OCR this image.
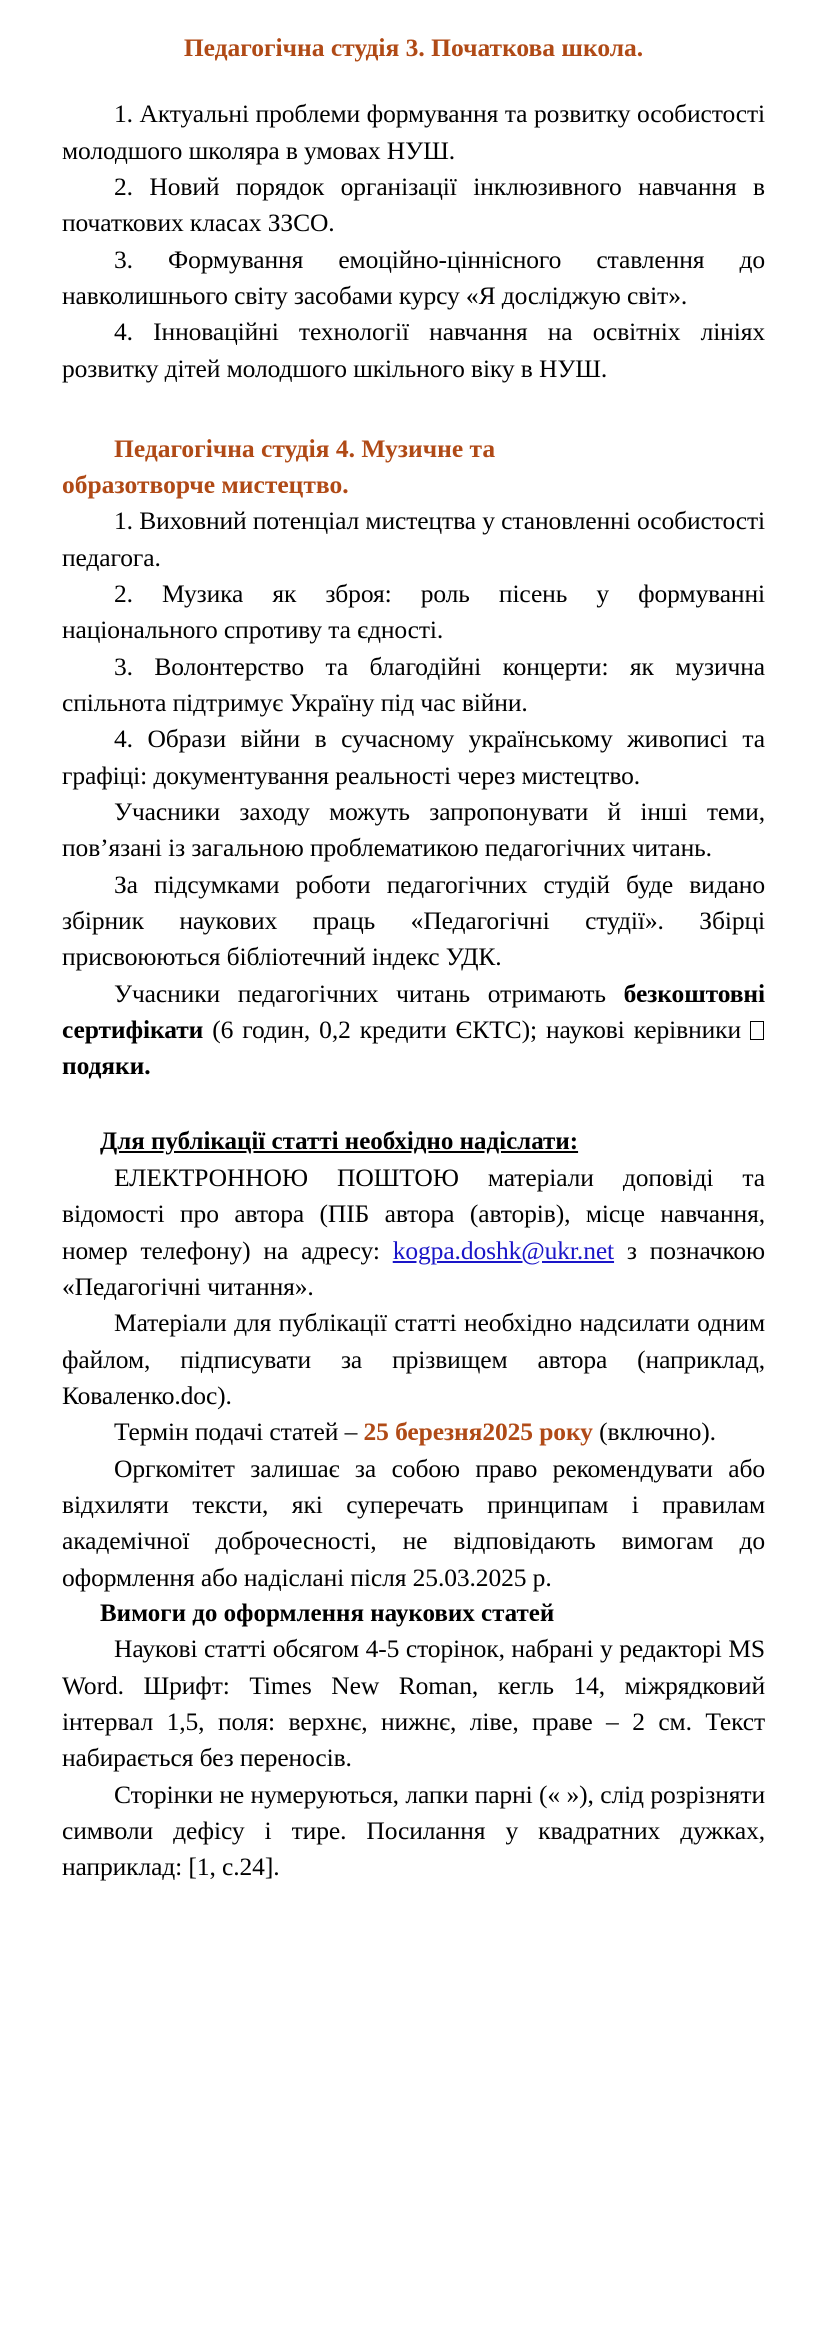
Педагогічна студія 3. Початкова школа.

1. Актуальні проблеми формування та розвитку особистості молодшого школяра в умовах НУШ.

2. Новий порядок організації інклюзивного навчання в початкових класах ЗЗСО.

3. Формування емоційно-ціннісного ставлення до навколишнього світу засобами курсу «Я досліджую світ».

4. Інноваційні технології навчання на освітніх лініях розвитку дітей молодшого шкільного віку в НУШ.

Педагогічна студія 4. Музичне та
образотворче мистецтво.

1. Виховний потенціал мистецтва у становленні особистості педагога.

2. Музика як зброя: роль пісень у формуванні національного спротиву та єдності.

3. Волонтерство та благодійні концерти: як музична спільнота підтримує Україну під час війни.

4. Образи війни в сучасному українському живописі та графіці: документування реальності через мистецтво.

Учасники заходу можуть запропонувати й інші теми, пов’язані із загальною проблематикою педагогічних читань.

За підсумками роботи педагогічних студій буде видано збірник наукових праць «Педагогічні студії». Збірці присвоюються бібліотечний індекс УДК.

Учасники педагогічних читань отримають безкоштовні сертифікати (6 годин, 0,2 кредити ЄКТС); наукові керівники подяки.

Для публікації статті необхідно надіслати:

ЕЛЕКТРОННОЮ ПОШТОЮ матеріали доповіді та відомості про автора (ПІБ автора (авторів), місце навчання, номер телефону) на адресу: kogpa.doshk@ukr.net з позначкою «Педагогічні читання».

Матеріали для публікації статті необхідно надсилати одним файлом, підписувати за прізвищем автора (наприклад, Коваленко.doc).

Термін подачі статей – 25 березня2025 року (включно).

Оргкомітет залишає за собою право рекомендувати або відхиляти тексти, які суперечать принципам і правилам академічної доброчесності, не відповідають вимогам до оформлення або надіслані після 25.03.2025 р.

Вимоги до оформлення наукових статей

Наукові статті обсягом 4-5 сторінок, набрані у редакторі MS Word. Шрифт: Times New Roman, кегль 14, міжрядковий інтервал 1,5, поля: верхнє, нижнє, ліве, праве – 2 см. Текст набирається без переносів.

Сторінки не нумеруються, лапки парні (« »), слід розрізняти символи дефісу і тире. Посилання у квадратних дужках, наприклад: [1, с.24].
